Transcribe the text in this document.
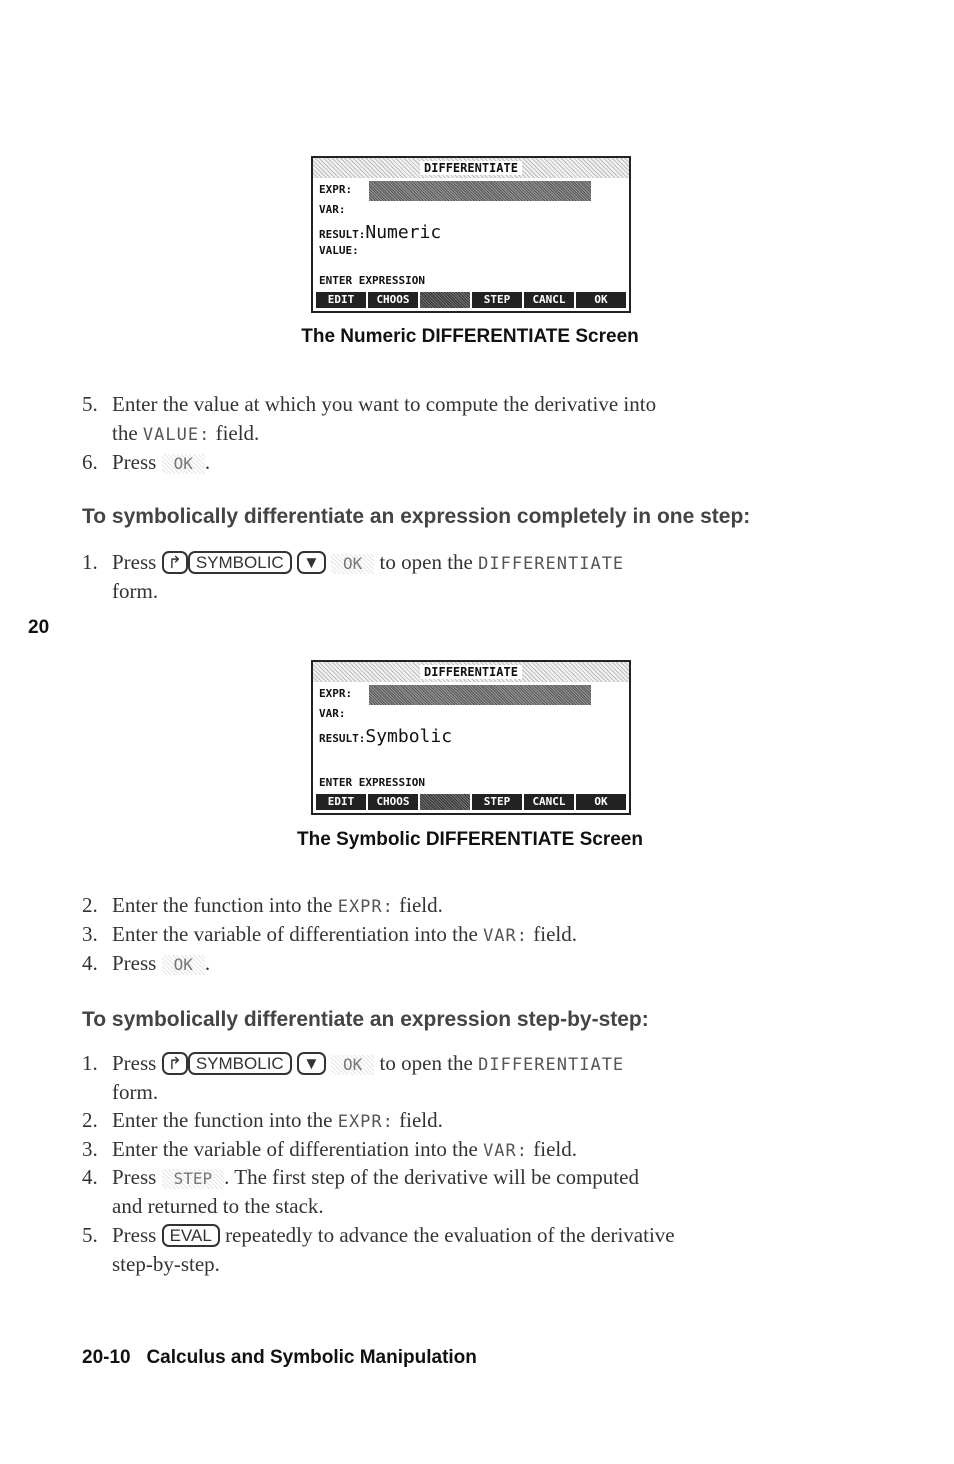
DIFFERENTIATE
EXPR:
VAR:
RESULT:Numeric
VALUE:
ENTER EXPRESSION
EDIT	CHOOS	STEP	CANCL	OK
The Numeric DIFFERENTIATE Screen
5. Enter the value at which you want to compute the derivative into
the VALUE: field.
6. Press OK .
To symbolically differentiate an expression completely in one step:
1. Press ↱ SYMBOLIC ▼ OK to open the DIFFERENTIATE
form.
20
DIFFERENTIATE
EXPR:
VAR:
RESULT:Symbolic
ENTER EXPRESSION
EDIT	CHOOS	STEP	CANCL	OK
The Symbolic DIFFERENTIATE Screen
2. Enter the function into the EXPR: field.
3. Enter the variable of differentiation into the VAR: field.
4. Press OK .
To symbolically differentiate an expression step-by-step:
1. Press ↱ SYMBOLIC ▼ OK to open the DIFFERENTIATE
form.
2. Enter the function into the EXPR: field.
3. Enter the variable of differentiation into the VAR: field.
4. Press STEP . The first step of the derivative will be computed
and returned to the stack.
5. Press EVAL repeatedly to advance the evaluation of the derivative
step-by-step.
20-10 Calculus and Symbolic Manipulation
